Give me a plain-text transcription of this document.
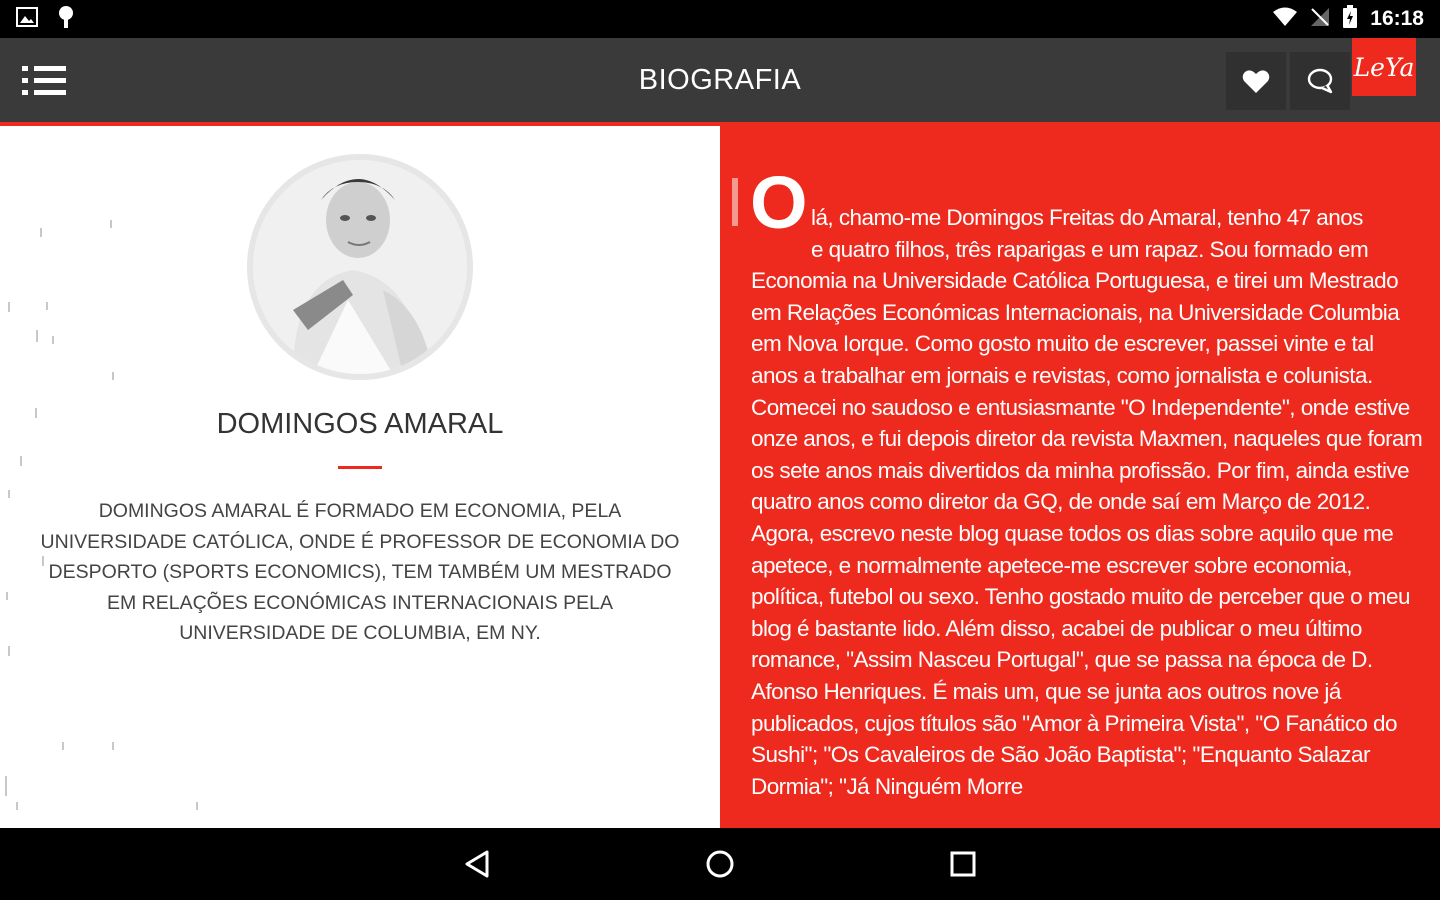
16:18
BIOGRAFIA	LeYa
DOMINGOS AMARAL
DOMINGOS AMARAL É FORMADO EM ECONOMIA, PELA UNIVERSIDADE CATÓLICA, ONDE É PROFESSOR DE ECONOMIA DO DESPORTO (SPORTS ECONOMICS), TEM TAMBÉM UM MESTRADO EM RELAÇÕES ECONÓMICAS INTERNACIONAIS PELA UNIVERSIDADE DE COLUMBIA, EM NY.
O lá, chamo-me Domingos Freitas do Amaral, tenho 47 anos
e quatro filhos, três raparigas e um rapaz. Sou formado em Economia na Universidade Católica Portuguesa, e tirei um Mestrado em Relações Económicas Internacionais, na Universidade Columbia em Nova Iorque. Como gosto muito de escrever, passei vinte e tal anos a trabalhar em jornais e revistas, como jornalista e colunista. Comecei no saudoso e entusiasmante "O Independente", onde estive onze anos, e fui depois diretor da revista Maxmen, naqueles que foram os sete anos mais divertidos da minha profissão. Por fim, ainda estive quatro anos como diretor da GQ, de onde saí em Março de 2012. Agora, escrevo neste blog quase todos os dias sobre aquilo que me apetece, e normalmente apetece-me escrever sobre economia, política, futebol ou sexo. Tenho gostado muito de perceber que o meu blog é bastante lido. Além disso, acabei de publicar o meu último romance, "Assim Nasceu Portugal", que se passa na época de D. Afonso Henriques. É mais um, que se junta aos outros nove já publicados, cujos títulos são "Amor à Primeira Vista", "O Fanático do Sushi"; "Os Cavaleiros de São João Baptista"; "Enquanto Salazar Dormia"; "Já Ninguém Morre
